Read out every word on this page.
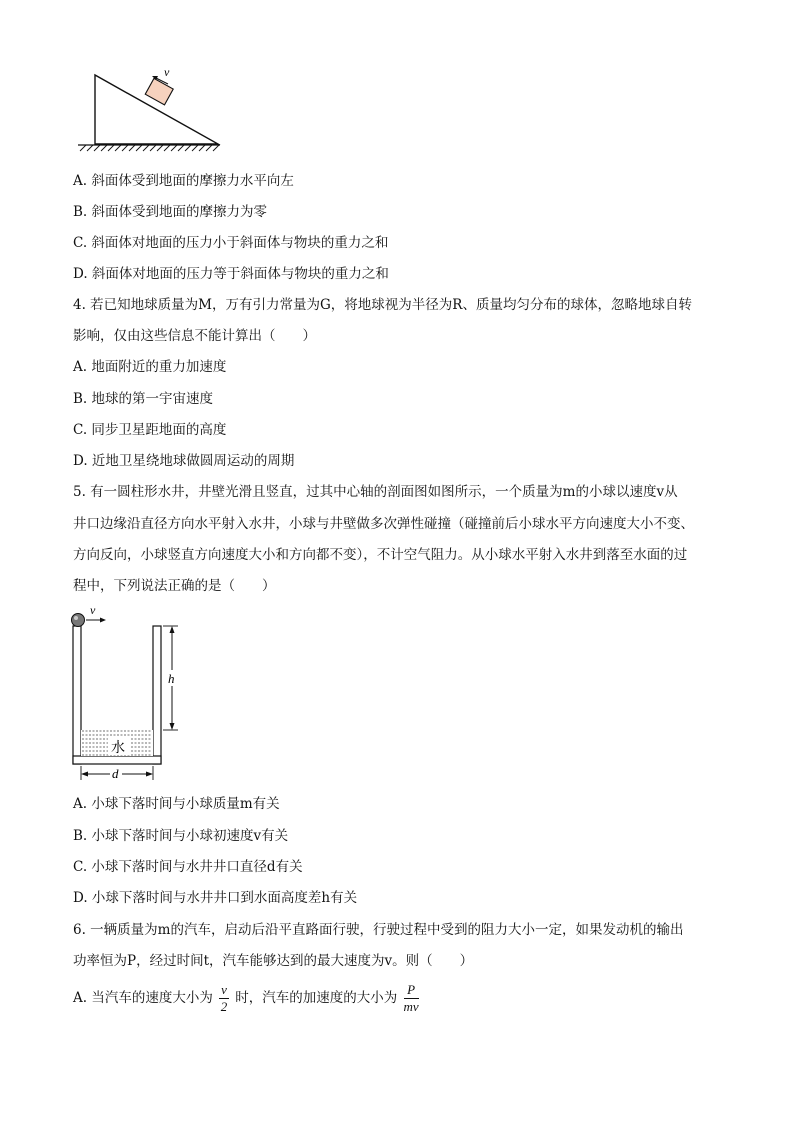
v
A. 斜面体受到地面的摩擦力水平向左
B. 斜面体受到地面的摩擦力为零
C. 斜面体对地面的压力小于斜面体与物块的重力之和
D. 斜面体对地面的压力等于斜面体与物块的重力之和
4. 若已知地球质量为M，万有引力常量为G，将地球视为半径为R、质量均匀分布的球体，忽略地球自转
影响，仅由这些信息不能计算出（　　）
A. 地面附近的重力加速度
B. 地球的第一宇宙速度
C. 同步卫星距地面的高度
D. 近地卫星绕地球做圆周运动的周期
5. 有一圆柱形水井，井壁光滑且竖直，过其中心轴的剖面图如图所示，一个质量为m的小球以速度v从
井口边缘沿直径方向水平射入水井，小球与井壁做多次弹性碰撞（碰撞前后小球水平方向速度大小不变、
方向反向，小球竖直方向速度大小和方向都不变），不计空气阻力。从小球水平射入水井到落至水面的过
程中，下列说法正确的是（　　）
水
v
h
d
A. 小球下落时间与小球质量m有关
B. 小球下落时间与小球初速度v有关
C. 小球下落时间与水井井口直径d有关
D. 小球下落时间与水井井口到水面高度差h有关
6. 一辆质量为m的汽车，启动后沿平直路面行驶，行驶过程中受到的阻力大小一定，如果发动机的输出
功率恒为P，经过时间t，汽车能够达到的最大速度为v。则（　　）
A. 当汽车的速度大小为 $\frac{v}{2}$ 时，汽车的加速度的大小为 $\frac{P}{mv}$
